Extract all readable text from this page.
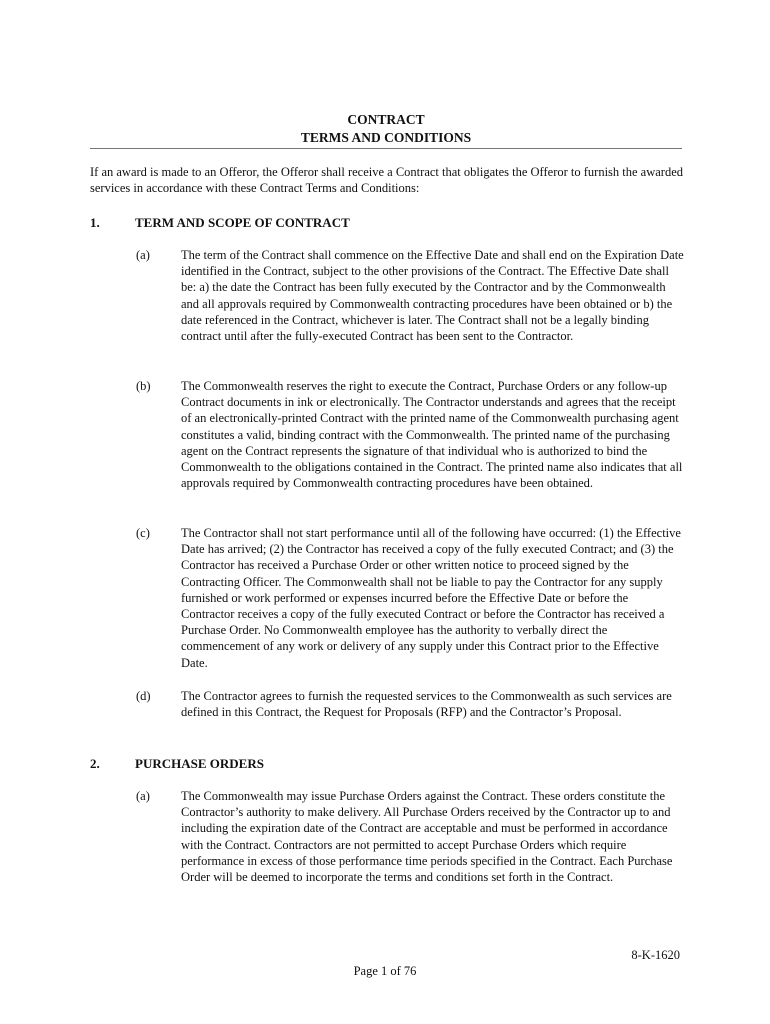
CONTRACT
TERMS AND CONDITIONS
If an award is made to an Offeror, the Offeror shall receive a Contract that obligates the Offeror to furnish the awarded services in accordance with these Contract Terms and Conditions:
1.	TERM AND SCOPE OF CONTRACT
(a) The term of the Contract shall commence on the Effective Date and shall end on the Expiration Date identified in the Contract, subject to the other provisions of the Contract. The Effective Date shall be: a) the date the Contract has been fully executed by the Contractor and by the Commonwealth and all approvals required by Commonwealth contracting procedures have been obtained or b) the date referenced in the Contract, whichever is later. The Contract shall not be a legally binding contract until after the fully-executed Contract has been sent to the Contractor.
(b) The Commonwealth reserves the right to execute the Contract, Purchase Orders or any follow-up Contract documents in ink or electronically. The Contractor understands and agrees that the receipt of an electronically-printed Contract with the printed name of the Commonwealth purchasing agent constitutes a valid, binding contract with the Commonwealth. The printed name of the purchasing agent on the Contract represents the signature of that individual who is authorized to bind the Commonwealth to the obligations contained in the Contract. The printed name also indicates that all approvals required by Commonwealth contracting procedures have been obtained.
(c) The Contractor shall not start performance until all of the following have occurred: (1) the Effective Date has arrived; (2) the Contractor has received a copy of the fully executed Contract; and (3) the Contractor has received a Purchase Order or other written notice to proceed signed by the Contracting Officer. The Commonwealth shall not be liable to pay the Contractor for any supply furnished or work performed or expenses incurred before the Effective Date or before the Contractor receives a copy of the fully executed Contract or before the Contractor has received a Purchase Order. No Commonwealth employee has the authority to verbally direct the commencement of any work or delivery of any supply under this Contract prior to the Effective Date.
(d) The Contractor agrees to furnish the requested services to the Commonwealth as such services are defined in this Contract, the Request for Proposals (RFP) and the Contractor’s Proposal.
2.	PURCHASE ORDERS
(a) The Commonwealth may issue Purchase Orders against the Contract. These orders constitute the Contractor’s authority to make delivery. All Purchase Orders received by the Contractor up to and including the expiration date of the Contract are acceptable and must be performed in accordance with the Contract. Contractors are not permitted to accept Purchase Orders which require performance in excess of those performance time periods specified in the Contract. Each Purchase Order will be deemed to incorporate the terms and conditions set forth in the Contract.
8-K-1620
Page 1 of 76
